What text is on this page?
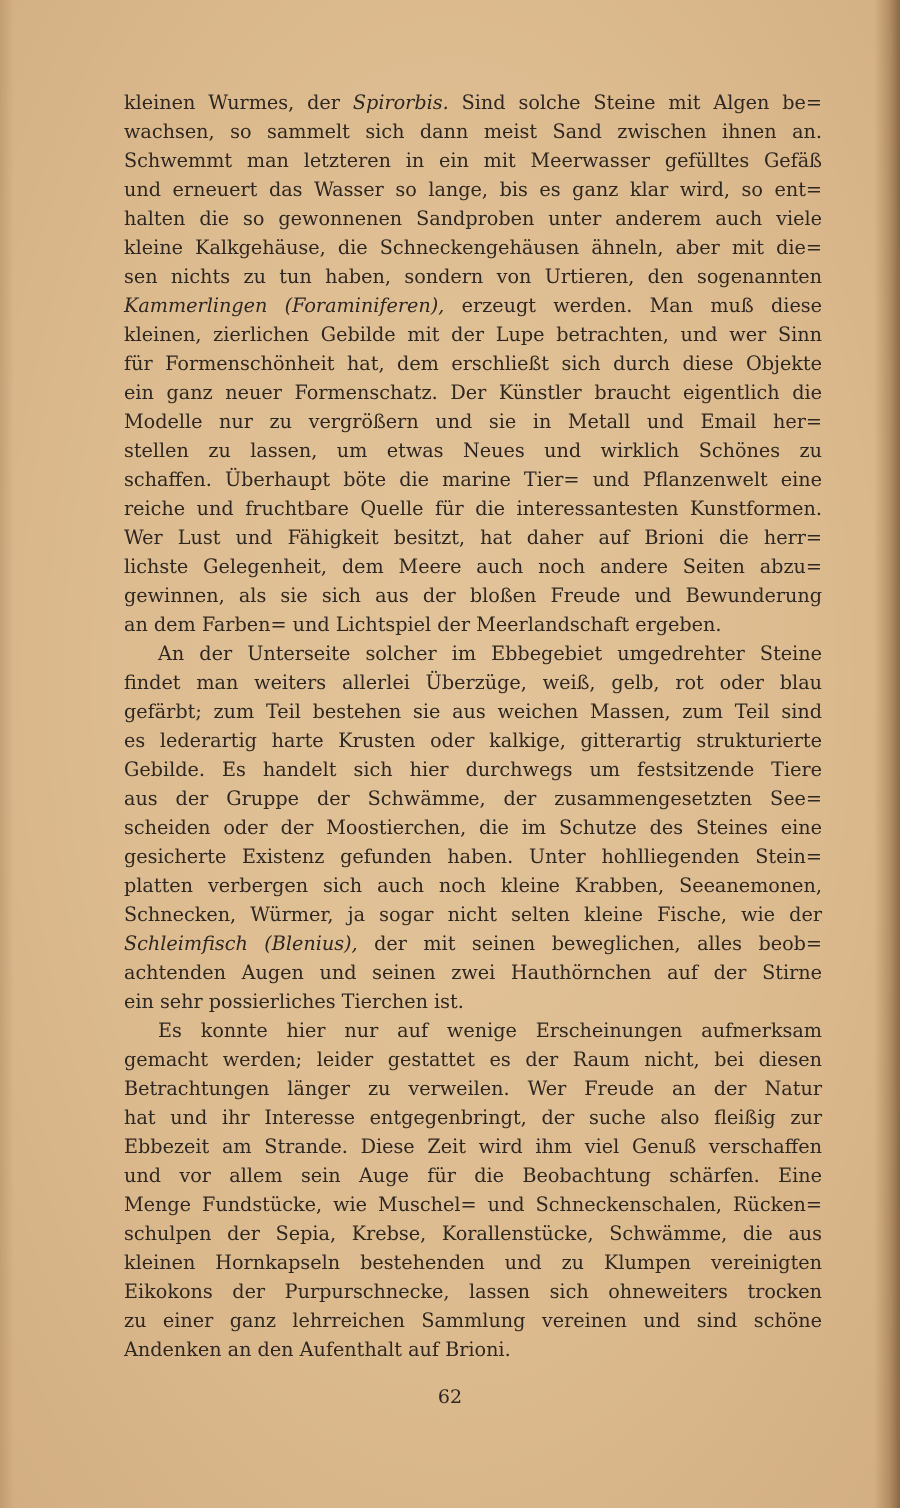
kleinen Wurmes, der Spirorbis. Sind solche Steine mit Algen be=
wachsen, so sammelt sich dann meist Sand zwischen ihnen an.
Schwemmt man letzteren in ein mit Meerwasser gefülltes Gefäß
und erneuert das Wasser so lange, bis es ganz klar wird, so ent=
halten die so gewonnenen Sandproben unter anderem auch viele
kleine Kalkgehäuse, die Schneckengehäusen ähneln, aber mit die=
sen nichts zu tun haben, sondern von Urtieren, den sogenannten
Kammerlingen (Foraminiferen), erzeugt werden. Man muß diese
kleinen, zierlichen Gebilde mit der Lupe betrachten, und wer Sinn
für Formenschönheit hat, dem erschließt sich durch diese Objekte
ein ganz neuer Formenschatz. Der Künstler braucht eigentlich die
Modelle nur zu vergrößern und sie in Metall und Email her=
stellen zu lassen, um etwas Neues und wirklich Schönes zu
schaffen. Überhaupt böte die marine Tier= und Pflanzenwelt eine
reiche und fruchtbare Quelle für die interessantesten Kunstformen.
Wer Lust und Fähigkeit besitzt, hat daher auf Brioni die herr=
lichste Gelegenheit, dem Meere auch noch andere Seiten abzu=
gewinnen, als sie sich aus der bloßen Freude und Bewunderung
an dem Farben= und Lichtspiel der Meerlandschaft ergeben.

An der Unterseite solcher im Ebbegebiet umgedrehter Steine
findet man weiters allerlei Überzüge, weiß, gelb, rot oder blau
gefärbt; zum Teil bestehen sie aus weichen Massen, zum Teil sind
es lederartig harte Krusten oder kalkige, gitterartig strukturierte
Gebilde. Es handelt sich hier durchwegs um festsitzende Tiere
aus der Gruppe der Schwämme, der zusammengesetzten See=
scheiden oder der Moostierchen, die im Schutze des Steines eine
gesicherte Existenz gefunden haben. Unter hohlliegenden Stein=
platten verbergen sich auch noch kleine Krabben, Seeanemonen,
Schnecken, Würmer, ja sogar nicht selten kleine Fische, wie der
Schleimfisch (Blenius), der mit seinen beweglichen, alles beob=
achtenden Augen und seinen zwei Hauthörnchen auf der Stirne
ein sehr possierliches Tierchen ist.

Es konnte hier nur auf wenige Erscheinungen aufmerksam
gemacht werden; leider gestattet es der Raum nicht, bei diesen
Betrachtungen länger zu verweilen. Wer Freude an der Natur
hat und ihr Interesse entgegenbringt, der suche also fleißig zur
Ebbezeit am Strande. Diese Zeit wird ihm viel Genuß verschaffen
und vor allem sein Auge für die Beobachtung schärfen. Eine
Menge Fundstücke, wie Muschel= und Schneckenschalen, Rücken=
schulpen der Sepia, Krebse, Korallenstücke, Schwämme, die aus
kleinen Hornkapseln bestehenden und zu Klumpen vereinigten
Eikokons der Purpurschnecke, lassen sich ohneweiters trocken
zu einer ganz lehrreichen Sammlung vereinen und sind schöne
Andenken an den Aufenthalt auf Brioni.

62
